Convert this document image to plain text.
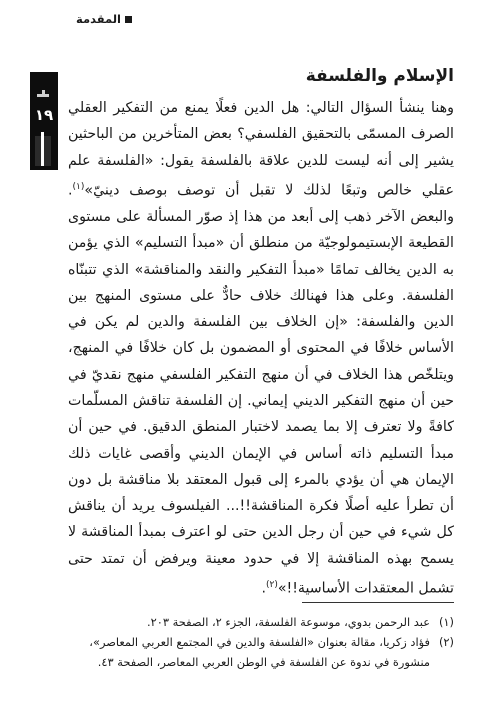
المقدمة
١٩
الإسلام والفلسفة

وهنا ينشأ السؤال التالي: هل الدين فعلًا يمنع من التفكير العقلي الصرف المسمّى بالتحقيق الفلسفي؟ بعض المتأخرين من الباحثين يشير إلى أنه ليست للدين علاقة بالفلسفة يقول: «الفلسفة علم عقلي خالص وتبعًا لذلك لا تقبل أن توصف بوصف دينيّ»$^{(١)}$. والبعض الآخر ذهب إلى أبعد من هذا إذ صوّر المسألة على مستوى القطيعة الإبستيمولوجيّة من منطلق أن «مبدأ التسليم» الذي يؤمن به الدين يخالف تمامًا «مبدأ التفكير والنقد والمناقشة» الذي تتبنّاه الفلسفة. وعلى هذا فهنالك خلاف حادٌّ على مستوى المنهج بين الدين والفلسفة: «إن الخلاف بين الفلسفة والدين لم يكن في الأساس خلافًا في المحتوى أو المضمون بل كان خلافًا في المنهج، ويتلخّص هذا الخلاف في أن منهج التفكير الفلسفي منهج نقديّ في حين أن منهج التفكير الديني إيماني. إن الفلسفة تناقش المسلّمات كافةً ولا تعترف إلا بما يصمد لاختبار المنطق الدقيق. في حين أن مبدأ التسليم ذاته أساس في الإيمان الديني وأقصى غايات ذلك الإيمان هي أن يؤدي بالمرء إلى قبول المعتقد بلا مناقشة بل دون أن تطرأ عليه أصلًا فكرة المناقشة!!... الفيلسوف يريد أن يناقش كل شيء في حين أن رجل الدين حتى لو اعترف بمبدأ المناقشة لا يسمح بهذه المناقشة إلا في حدود معينة ويرفض أن تمتد حتى تشمل المعتقدات الأساسية!!»$^{(٢)}$.

(١)
عبد الرحمن بدوي، موسوعة الفلسفة، الجزء ٢، الصفحة ٢٠٣.
(٢)
فؤاد زكريا، مقالة بعنوان «الفلسفة والدين في المجتمع العربي المعاصر»،
منشورة في ندوة عن الفلسفة في الوطن العربي المعاصر، الصفحة ٤٣.
